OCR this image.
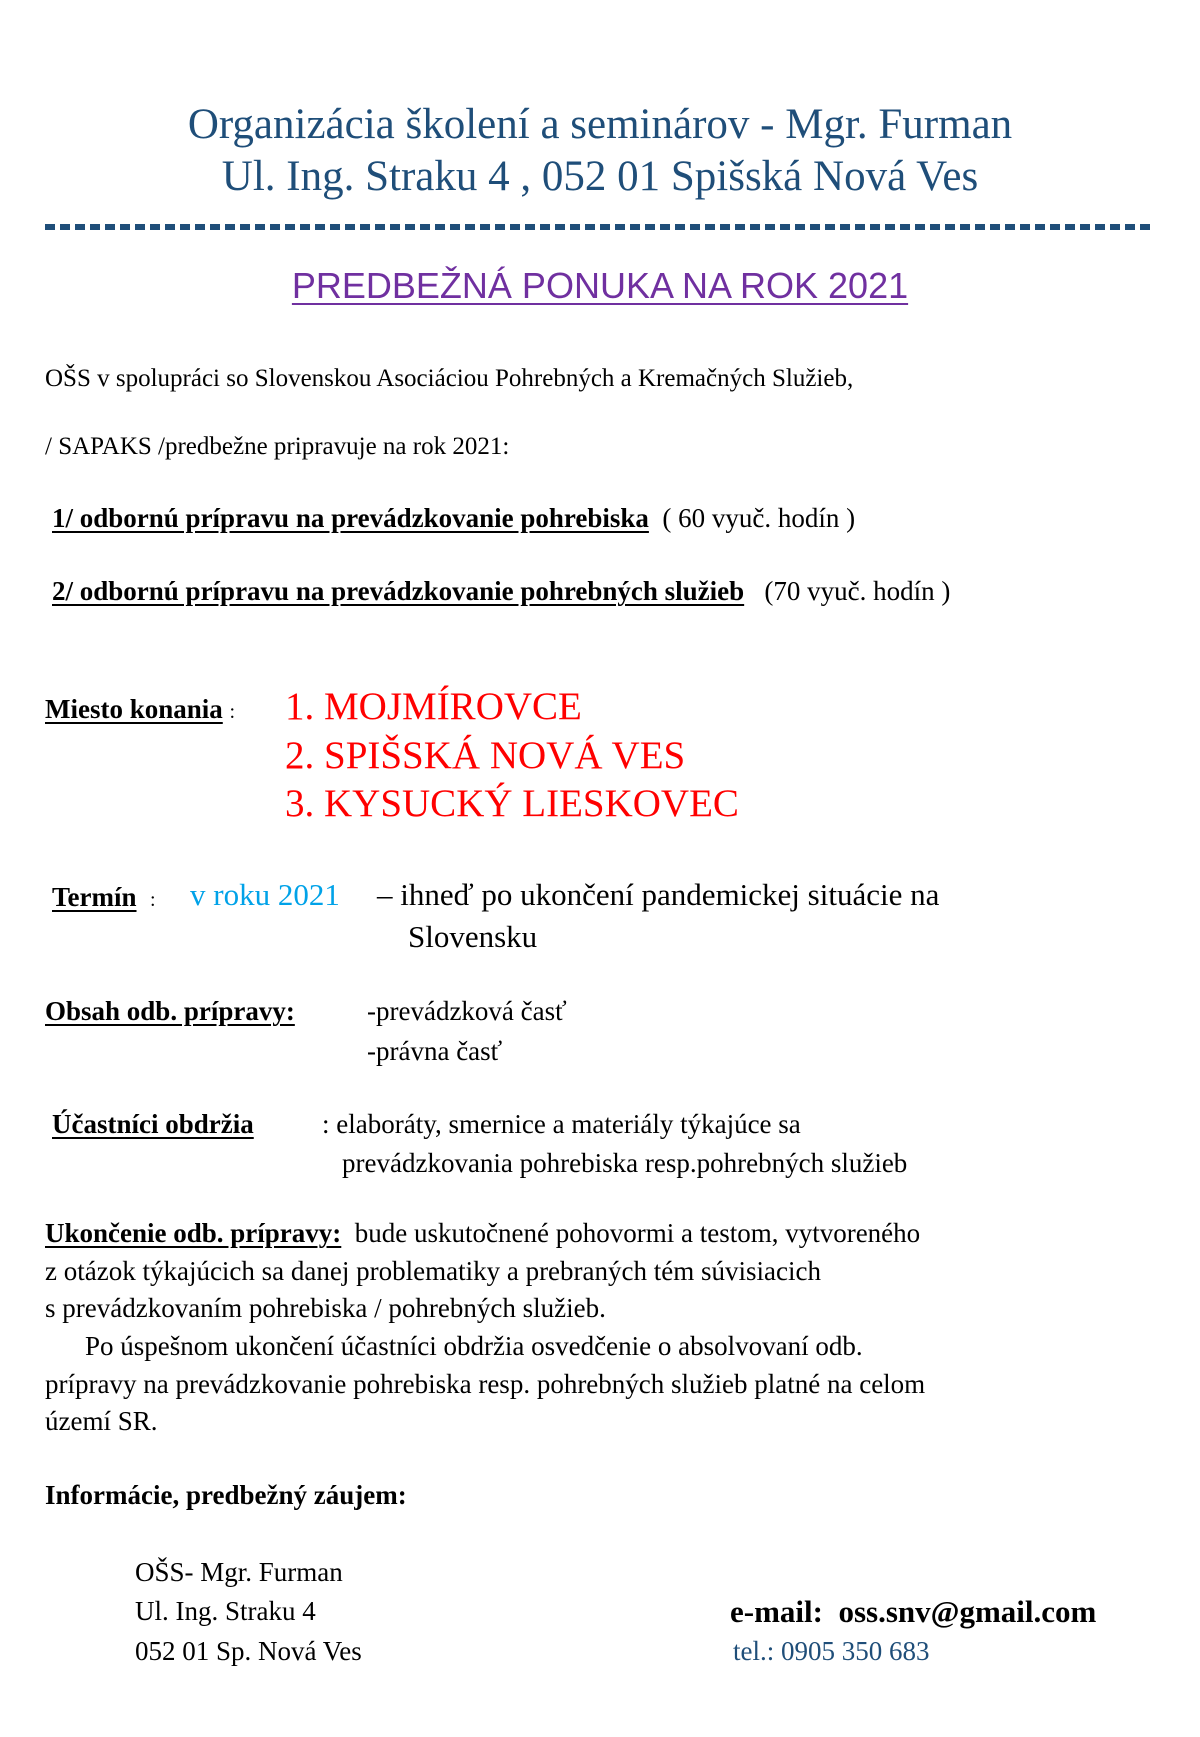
Organizácia školení a seminárov - Mgr. Furman
Ul. Ing. Straku 4 , 052 01 Spišská Nová Ves
PREDBEŽNÁ PONUKA NA ROK 2021
OŠS v spolupráci so Slovenskou Asociáciou Pohrebných a Kremačných Služieb,
/ SAPAKS /predbežne pripravuje na rok 2021:
1/ odbornú prípravu na prevádzkovanie pohrebiska ( 60 vyuč. hodín )
2/ odbornú prípravu na prevádzkovanie pohrebných služieb (70 vyuč. hodín )
Miesto konania : 1. MOJMÍROVCE
2. SPIŠSKÁ NOVÁ VES
3. KYSUCKÝ LIESKOVEC
Termín : v roku 2021 – ihneď po ukončení pandemickej situácie na
Slovensku
Obsah odb. prípravy:	-prevádzková časť
-právna časť
Účastníci obdržia	: elaboráty, smernice a materiály týkajúce sa
prevádzkovania pohrebiska resp.pohrebných služieb
Ukončenie odb. prípravy: bude uskutočnené pohovormi a testom, vytvoreného
z otázok týkajúcich sa danej problematiky a prebraných tém súvisiacich
s prevádzkovaním pohrebiska / pohrebných služieb.
Po úspešnom ukončení účastníci obdržia osvedčenie o absolvovaní odb.
prípravy na prevádzkovanie pohrebiska resp. pohrebných služieb platné na celom
území SR.
Informácie, predbežný záujem:
OŠS- Mgr. Furman
Ul. Ing. Straku 4
052 01 Sp. Nová Ves
e-mail: oss.snv@gmail.com
tel.: 0905 350 683
